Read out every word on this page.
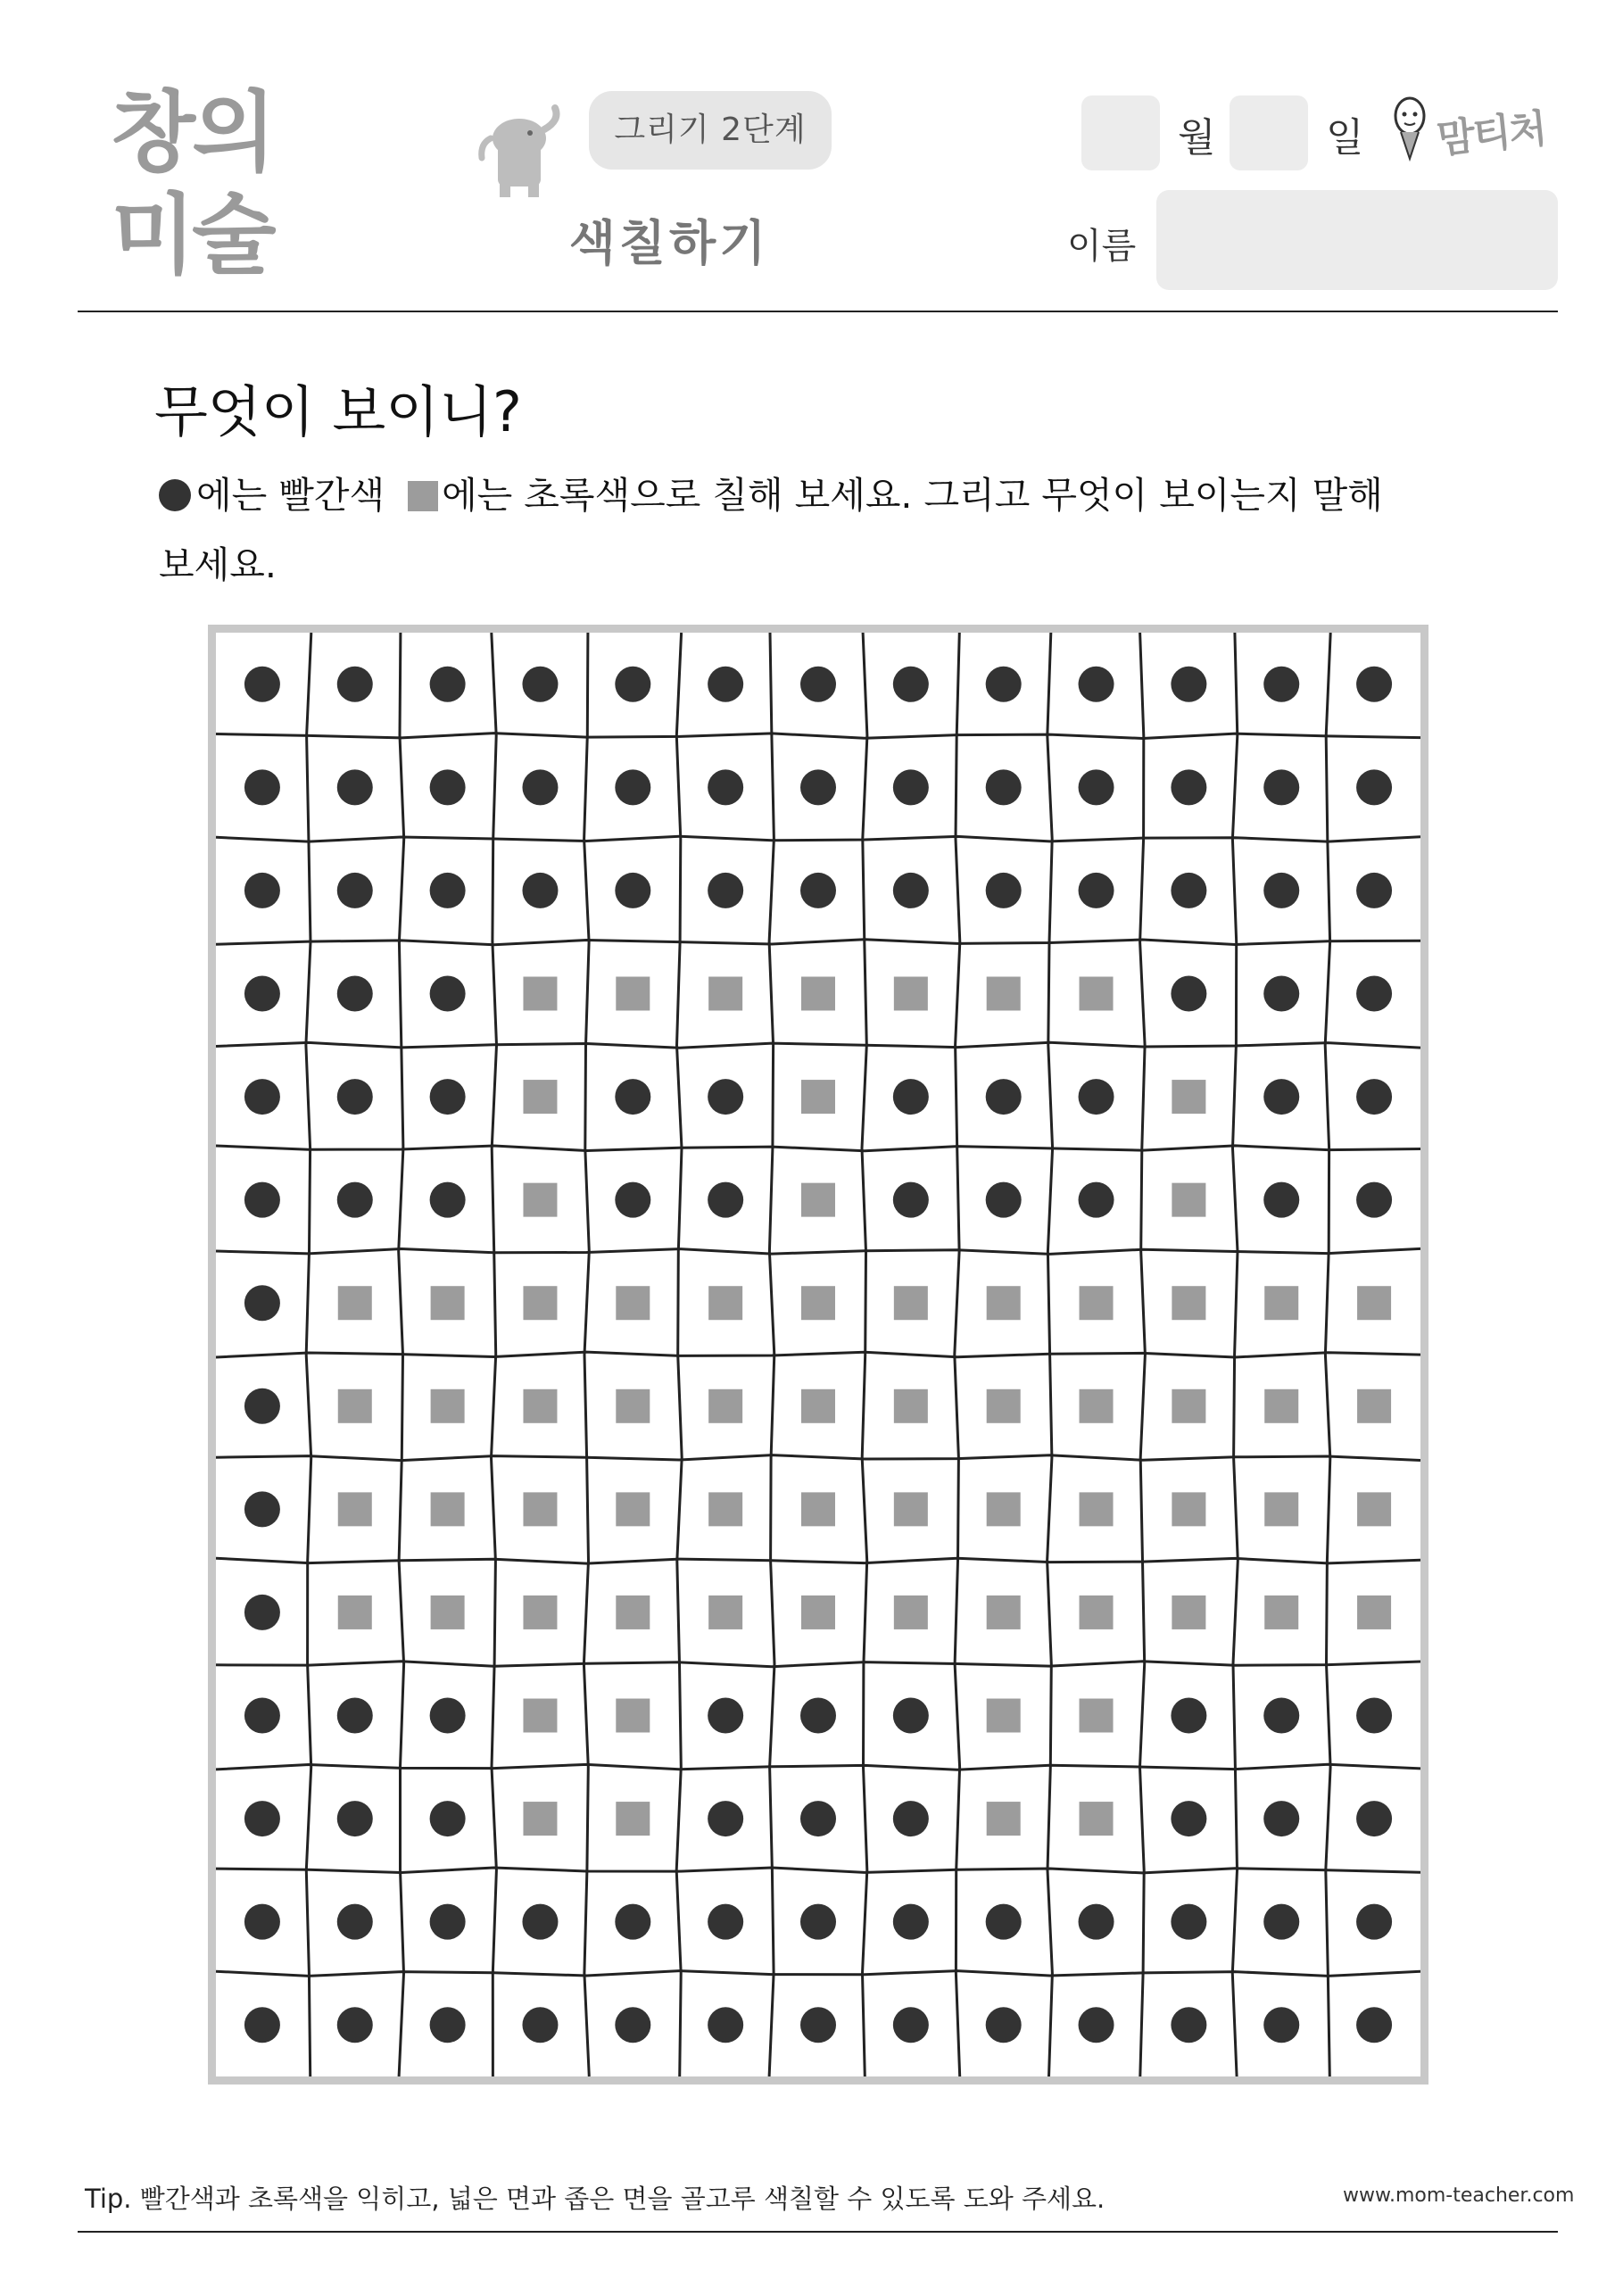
창의
미술
그리기 2단계
색칠하기
월	일 맘티처
이름
무엇이 보이니?
에는 빨간색 에는 초록색으로 칠해 보세요. 그리고 무엇이 보이는지 말해
보세요.
Tip. 빨간색과 초록색을 익히고, 넓은 면과 좁은 면을 골고루 색칠할 수 있도록 도와 주세요.	www.mom-teacher.com
